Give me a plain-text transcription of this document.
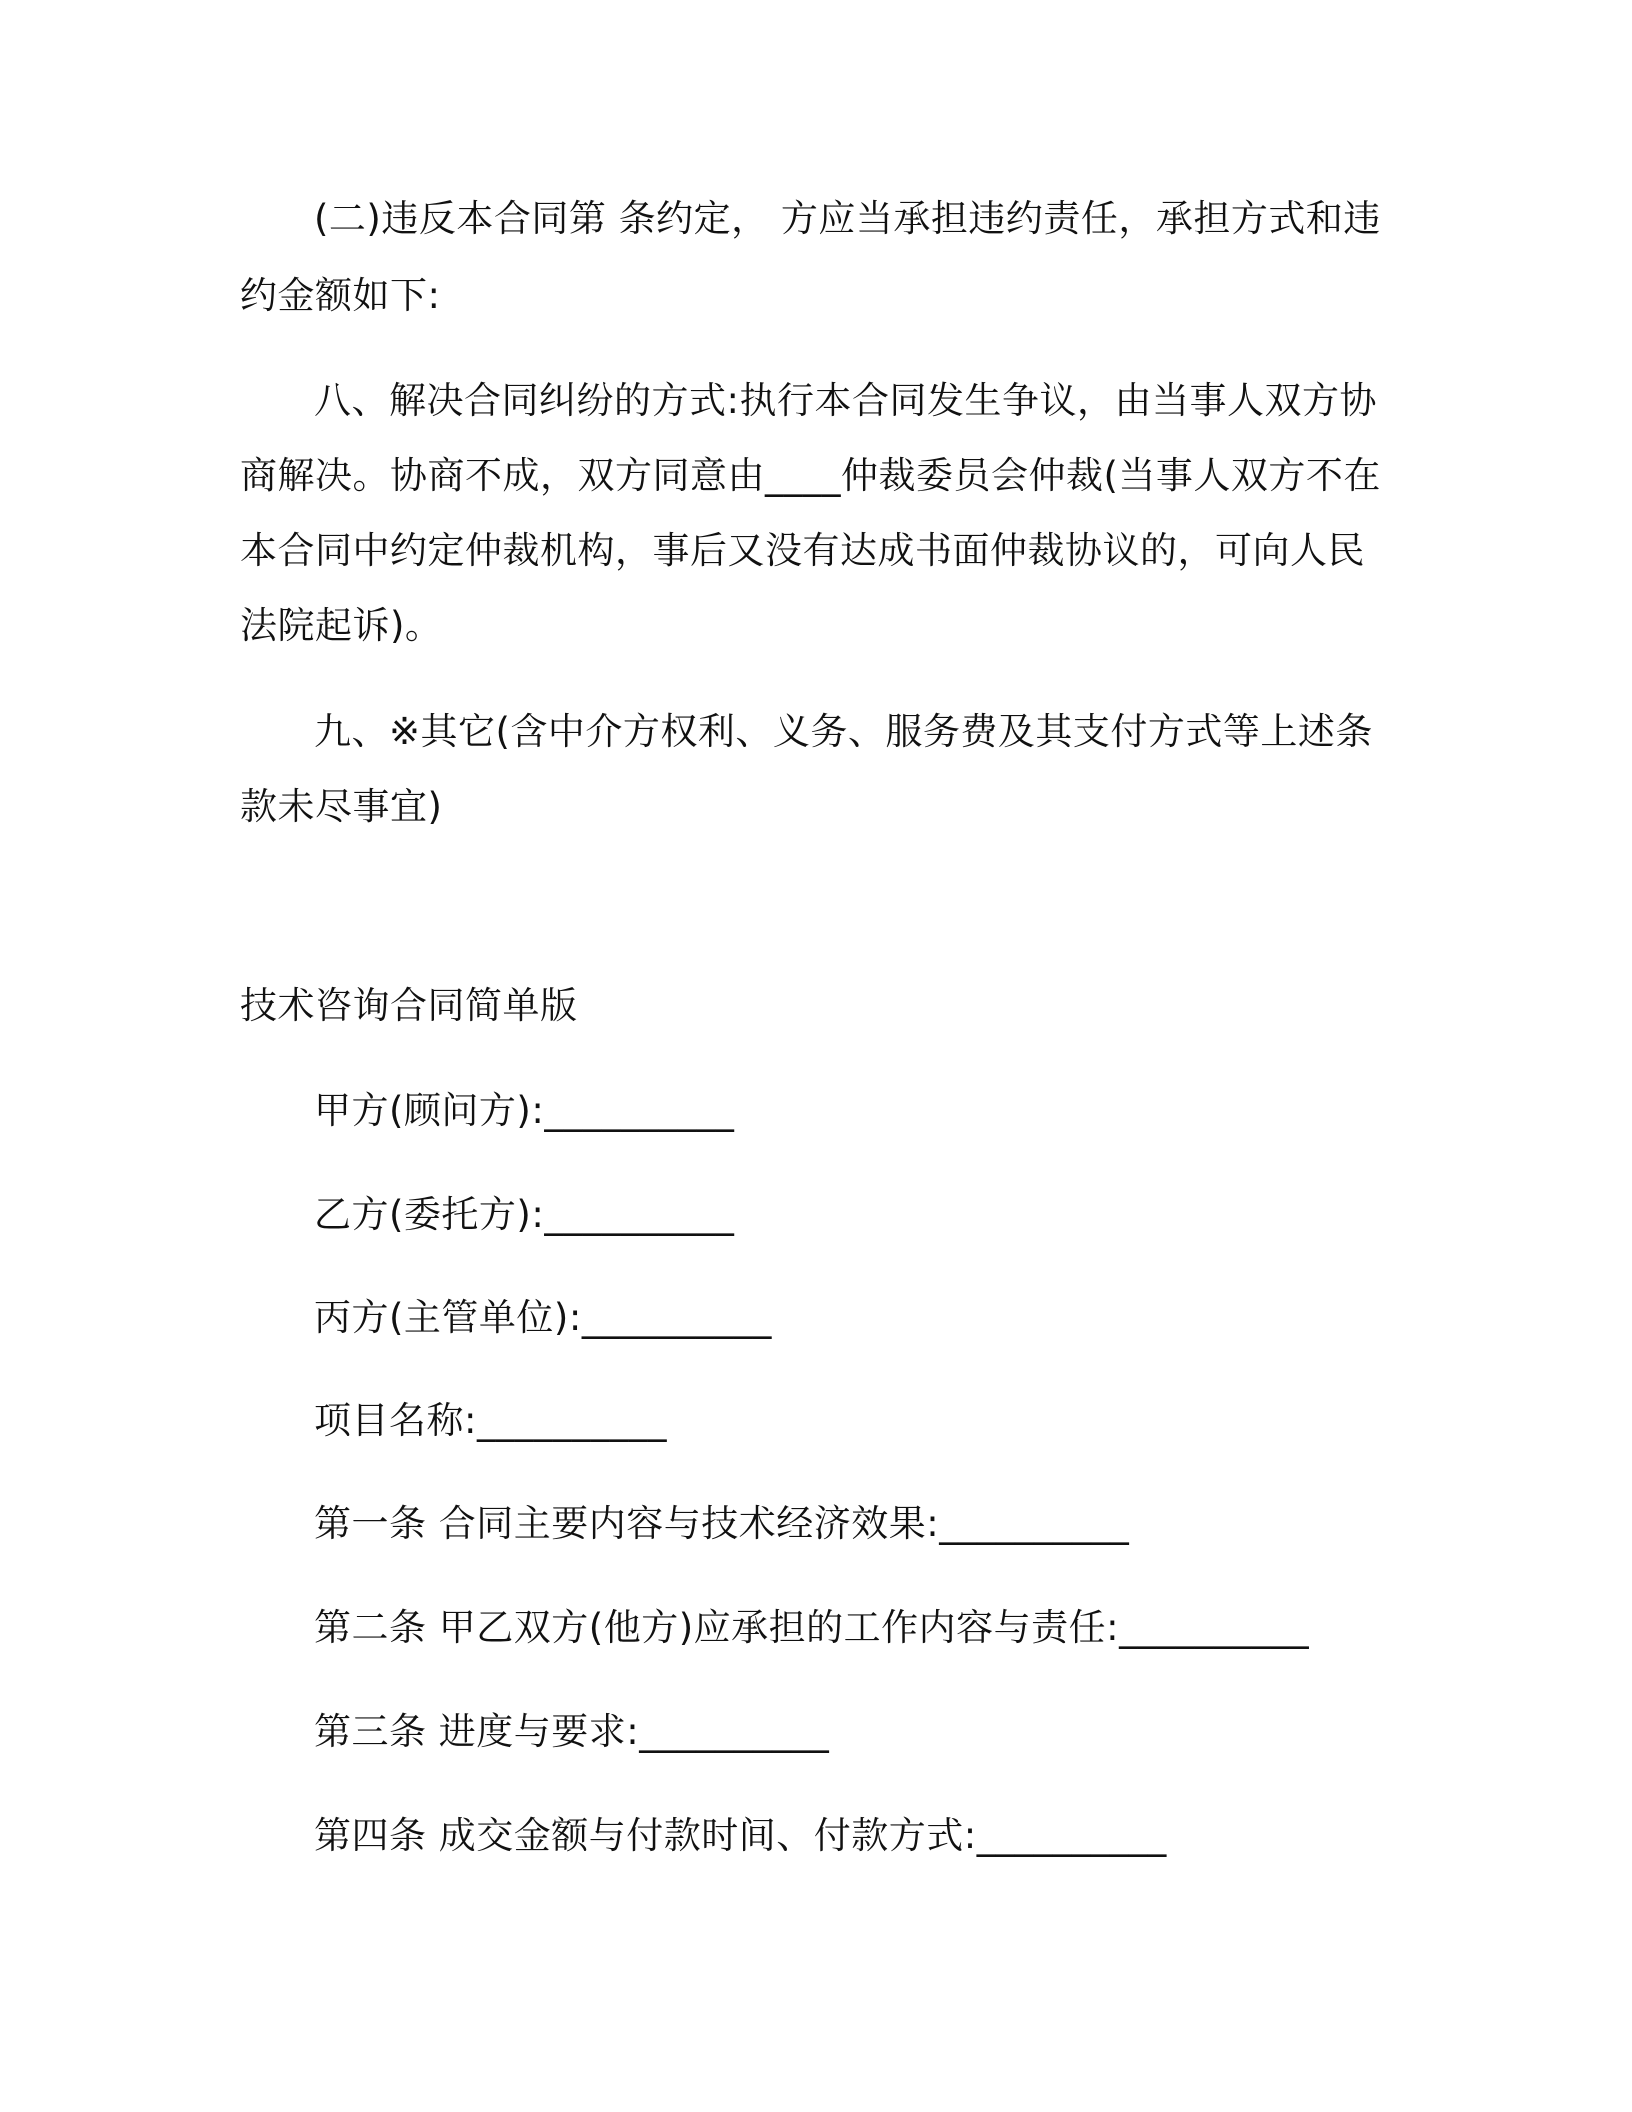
(二)违反本合同第 条约定， 方应当承担违约责任，承担方式和违
约金额如下:
八、解决合同纠纷的方式:执行本合同发生争议，由当事人双方协
商解决。协商不成，双方同意由____仲裁委员会仲裁(当事人双方不在
本合同中约定仲裁机构，事后又没有达成书面仲裁协议的，可向人民
法院起诉)。
九、※其它(含中介方权利、义务、服务费及其支付方式等上述条
款未尽事宜)
技术咨询合同简单版
甲方(顾问方):__________
乙方(委托方):__________
丙方(主管单位):__________
项目名称:__________
第一条 合同主要内容与技术经济效果:__________
第二条 甲乙双方(他方)应承担的工作内容与责任:__________
第三条 进度与要求:__________
第四条 成交金额与付款时间、付款方式:__________
